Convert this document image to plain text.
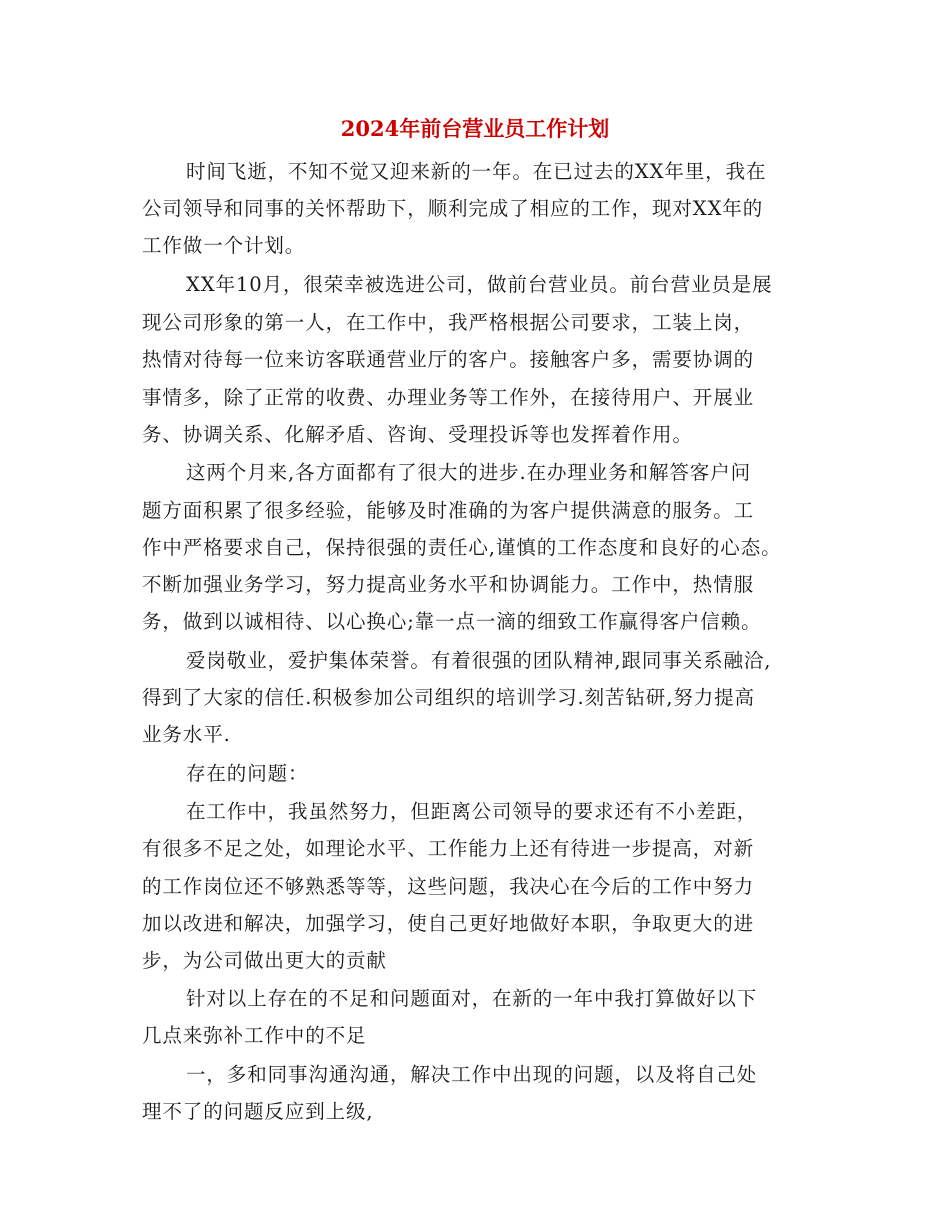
2024年前台营业员工作计划
时间飞逝，不知不觉又迎来新的一年。在已过去的XX年里，我在
公司领导和同事的关怀帮助下，顺利完成了相应的工作，现对XX年的
工作做一个计划。
XX年10月，很荣幸被选进公司，做前台营业员。前台营业员是展
现公司形象的第一人，在工作中，我严格根据公司要求，工装上岗，
热情对待每一位来访客联通营业厅的客户。接触客户多，需要协调的
事情多，除了正常的收费、办理业务等工作外，在接待用户、开展业
务、协调关系、化解矛盾、咨询、受理投诉等也发挥着作用。
这两个月来,各方面都有了很大的进步.在办理业务和解答客户问
题方面积累了很多经验，能够及时准确的为客户提供满意的服务。工
作中严格要求自己，保持很强的责任心,谨慎的工作态度和良好的心态。
不断加强业务学习，努力提高业务水平和协调能力。工作中，热情服
务，做到以诚相待、以心换心;靠一点一滴的细致工作赢得客户信赖。
爱岗敬业，爱护集体荣誉。有着很强的团队精神,跟同事关系融洽,
得到了大家的信任.积极参加公司组织的培训学习.刻苦钻研,努力提高
业务水平.
存在的问题：
在工作中，我虽然努力，但距离公司领导的要求还有不小差距，
有很多不足之处，如理论水平、工作能力上还有待进一步提高，对新
的工作岗位还不够熟悉等等，这些问题，我决心在今后的工作中努力
加以改进和解决，加强学习，使自己更好地做好本职，争取更大的进
步，为公司做出更大的贡献
针对以上存在的不足和问题面对，在新的一年中我打算做好以下
几点来弥补工作中的不足
一，多和同事沟通沟通，解决工作中出现的问题，以及将自己处
理不了的问题反应到上级,
